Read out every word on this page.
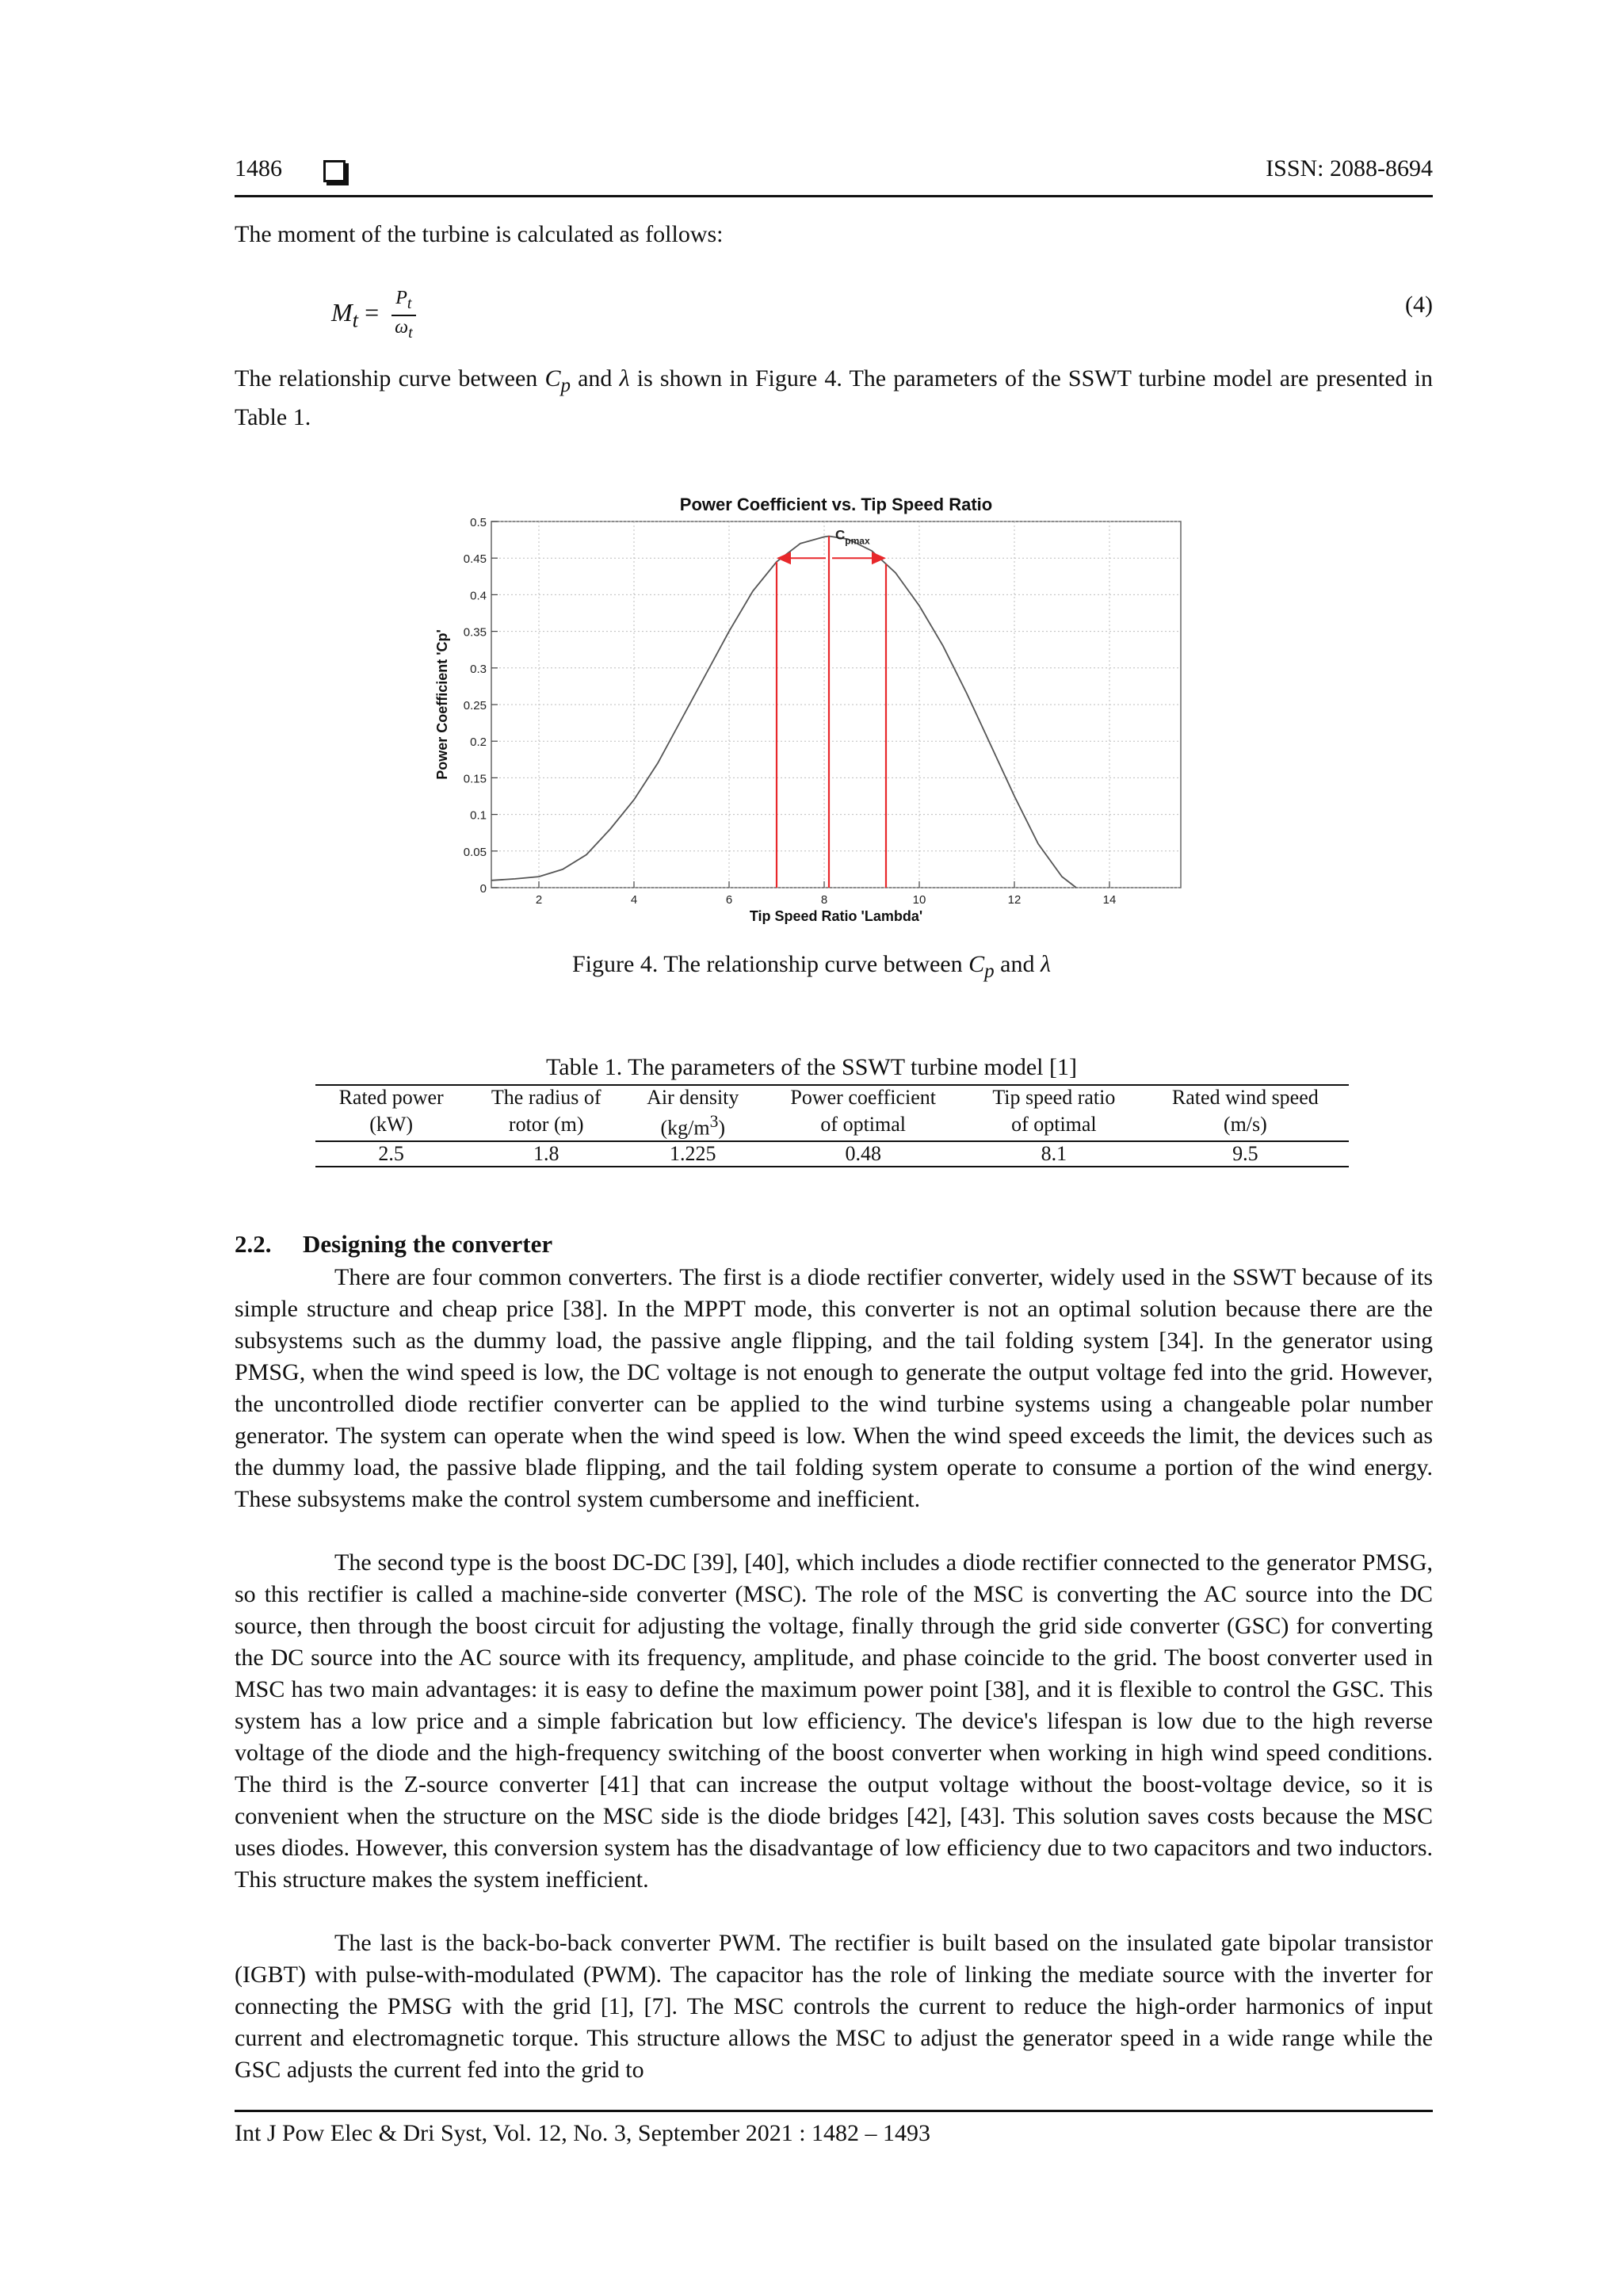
1486	ISSN: 2088-8694

The moment of the turbine is calculated as follows:

$M_t = \frac{P_t}{\omega_t}$	(4)

The relationship curve between $C_p$ and λ is shown in Figure 4. The parameters of the SSWT turbine model are presented in Table 1.

0
0.05
0.1
0.15
0.2
0.25
0.3
0.35
0.4
0.45
0.5
2	4	6	8	10	12	14
$C_{pmax}$
Power Coefficient vs. Tip Speed Ratio
Tip Speed Ratio 'Lambda'
Power Coefficient 'Cp'
Figure 4. The relationship curve between $C_p$ and λ
Table 1. The parameters of the SSWT turbine model [1]
Rated power	The radius of	Air density	Power coefficient	Tip speed ratio	Rated wind speed
(kW)	rotor (m)	$(kg/m^3)$	of optimal	of optimal	(m/s)
2.5	1.8	1.225	0.48	8.1	9.5
2.2. Designing the converter

There are four common converters. The first is a diode rectifier converter, widely used in the SSWT because of its simple structure and cheap price [38]. In the MPPT mode, this converter is not an optimal solution because there are the subsystems such as the dummy load, the passive angle flipping, and the tail folding system [34]. In the generator using PMSG, when the wind speed is low, the DC voltage is not enough to generate the output voltage fed into the grid. However, the uncontrolled diode rectifier converter can be applied to the wind turbine systems using a changeable polar number generator. The system can operate when the wind speed is low. When the wind speed exceeds the limit, the devices such as the dummy load, the passive blade flipping, and the tail folding system operate to consume a portion of the wind energy. These subsystems make the control system cumbersome and inefficient.

The second type is the boost DC-DC [39], [40], which includes a diode rectifier connected to the generator PMSG, so this rectifier is called a machine-side converter (MSC). The role of the MSC is converting the AC source into the DC source, then through the boost circuit for adjusting the voltage, finally through the grid side converter (GSC) for converting the DC source into the AC source with its frequency, amplitude, and phase coincide to the grid. The boost converter used in MSC has two main advantages: it is easy to define the maximum power point [38], and it is flexible to control the GSC. This system has a low price and a simple fabrication but low efficiency. The device's lifespan is low due to the high reverse voltage of the diode and the high-frequency switching of the boost converter when working in high wind speed conditions. The third is the Z-source converter [41] that can increase the output voltage without the boost-voltage device, so it is convenient when the structure on the MSC side is the diode bridges [42], [43]. This solution saves costs because the MSC uses diodes. However, this conversion system has the disadvantage of low efficiency due to two capacitors and two inductors. This structure makes the system inefficient.

The last is the back-bo-back converter PWM. The rectifier is built based on the insulated gate bipolar transistor (IGBT) with pulse-with-modulated (PWM). The capacitor has the role of linking the mediate source with the inverter for connecting the PMSG with the grid [1], [7]. The MSC controls the current to reduce the high-order harmonics of input current and electromagnetic torque. This structure allows the MSC to adjust the generator speed in a wide range while the GSC adjusts the current fed into the grid to

Int J Pow Elec & Dri Syst, Vol. 12, No. 3, September 2021 : 1482 – 1493
